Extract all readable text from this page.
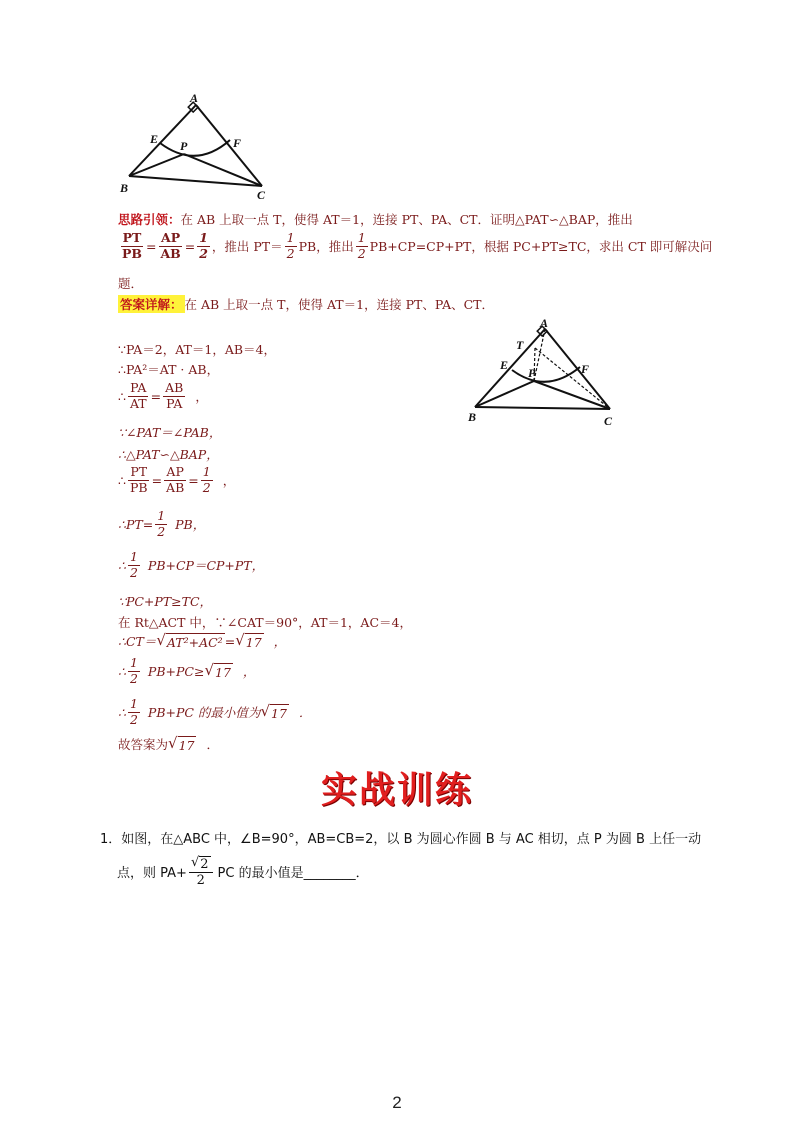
A
E	F
P
B	C
思路引领： 在 AB 上取一点 T，使得 AT＝1，连接 PT、PA、CT．证明△PAT∽△BAP，推出
$\frac{PT}{PB} = \frac{AP}{AB} = \frac{1}{2}$ ，推出 $PT= \frac{1}{2}$ PB，推出 $\frac{1}{2} PB+CP=CP+PT$，根据 PC+PT≥TC，求出 CT 即可解决问
题．
答案详解： 在 AB 上取一点 T，使得 AT＝1，连接 PT、PA、CT．
∵PA＝2，AT＝1，AB＝4，
∴PA²＝AT · AB，
∴ $\frac{PA}{AT} = \frac{AB}{PA}$ ，
∵∠PAT＝∠PAB，
∴△PAT∽△BAP，
∴ $\frac{PT}{PB} = \frac{AP}{AB} = \frac{1}{2}$ ，
∴PT= $\frac{1}{2}$ PB，
∴ $\frac{1}{2} PB+CP=CP+PT$，
∵PC+PT≥TC，
在 Rt△ACT 中，∵∠CAT＝90°，AT＝1，AC＝4，
∴CT＝ √ AT²+AC² = √ 17 ，
∴ $\frac{1}{2} PB+PC\ge$ √ 17 ，
∴ $\frac{1}{2} PB+PC$ 的最小值为 √ 17 ．
故答案为 √ 17 ．
A
T
E	F
P
B	C
实战训练
1．如图，在△ABC 中，∠B=90°，AB=CB=2，以 B 为圆心作圆 B 与 AC 相切，点 P 为圆 B 上任一动
点，则 $PA+ \frac{√ 2}{2}$ PC 的最小值是 ________．
2
